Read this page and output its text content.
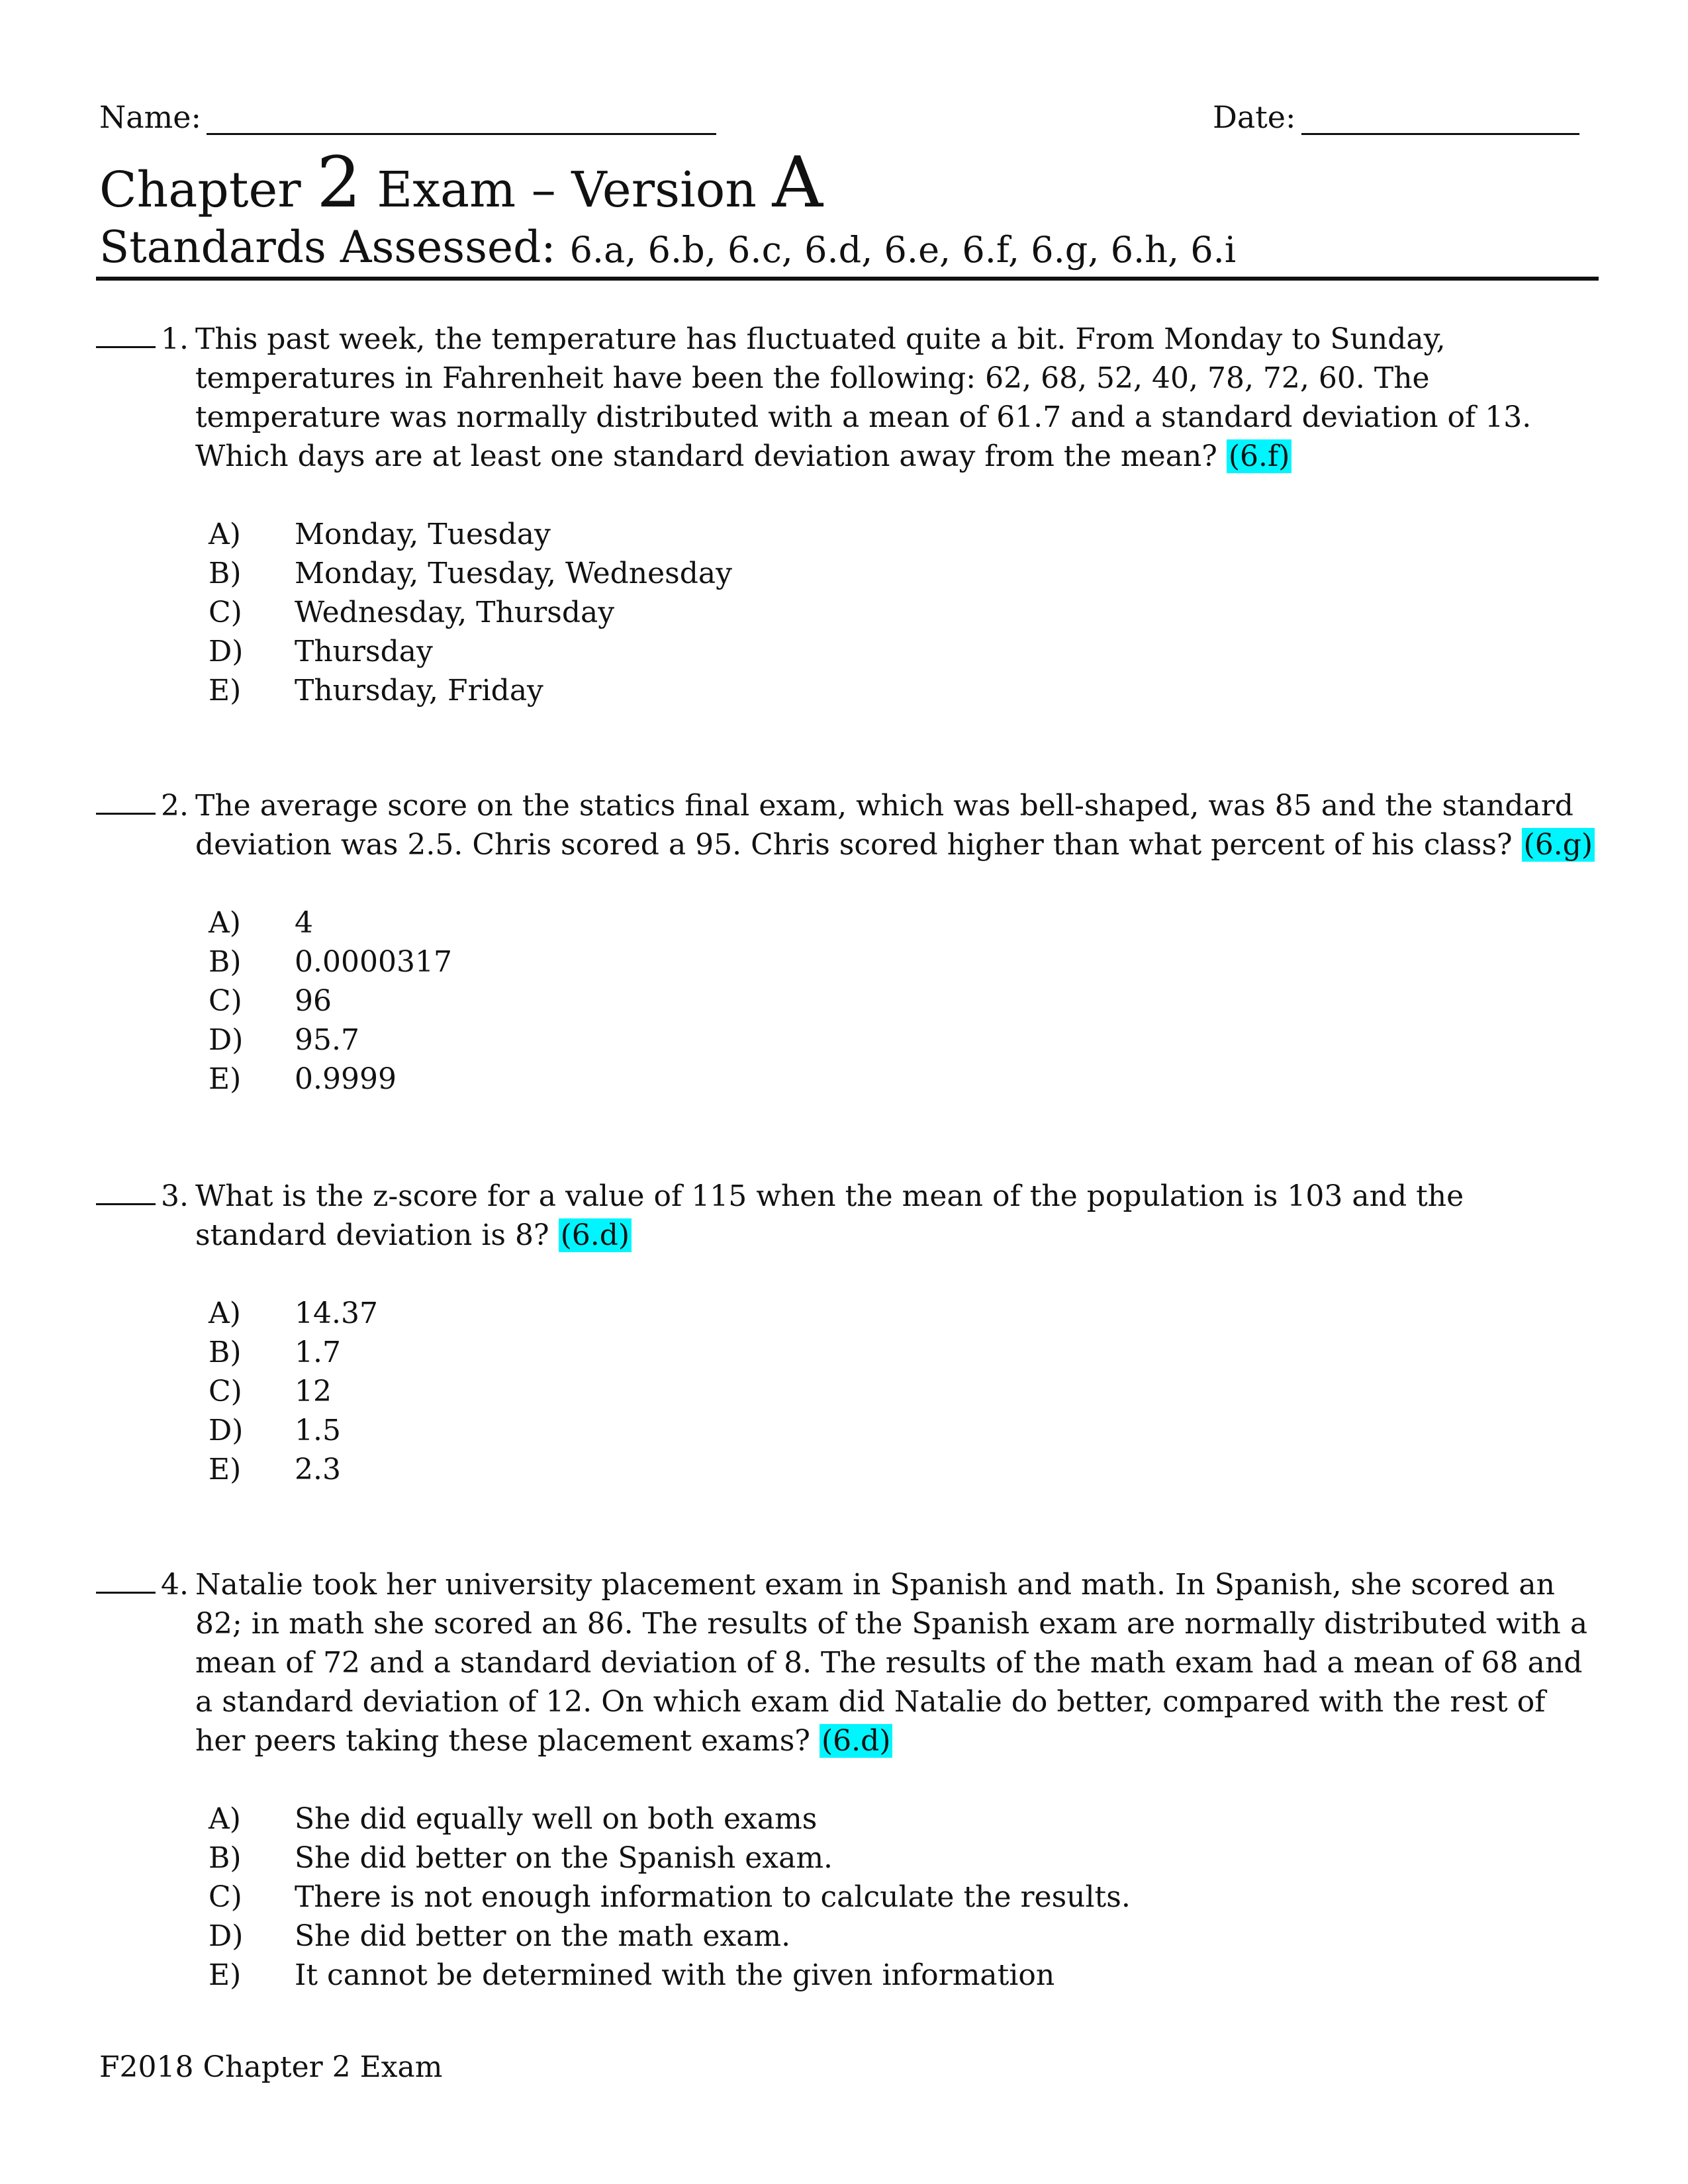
Name:	Date:
Chapter 2 Exam – Version A
Standards Assessed: 6.a, 6.b, 6.c, 6.d, 6.e, 6.f, 6.g, 6.h, 6.i
1. This past week, the temperature has fluctuated quite a bit. From Monday to Sunday, temperatures in Fahrenheit have been the following: 62, 68, 52, 40, 78, 72, 60. The temperature was normally distributed with a mean of 61.7 and a standard deviation of 13. Which days are at least one standard deviation away from the mean? (6.f)
A)	Monday, Tuesday
B)	Monday, Tuesday, Wednesday
C)	Wednesday, Thursday
D)	Thursday
E)	Thursday, Friday
2. The average score on the statics final exam, which was bell-shaped, was 85 and the standard deviation was 2.5. Chris scored a 95. Chris scored higher than what percent of his class? (6.g)
A)	4
B)	0.0000317
C)	96
D)	95.7
E)	0.9999
3. What is the z-score for a value of 115 when the mean of the population is 103 and the standard deviation is 8? (6.d)
A)	14.37
B)	1.7
C)	12
D)	1.5
E)	2.3
4. Natalie took her university placement exam in Spanish and math. In Spanish, she scored an 82; in math she scored an 86. The results of the Spanish exam are normally distributed with a mean of 72 and a standard deviation of 8. The results of the math exam had a mean of 68 and a standard deviation of 12. On which exam did Natalie do better, compared with the rest of her peers taking these placement exams? (6.d)
A)	She did equally well on both exams
B)	She did better on the Spanish exam.
C)	There is not enough information to calculate the results.
D)	She did better on the math exam.
E)	It cannot be determined with the given information
F2018 Chapter 2 Exam
